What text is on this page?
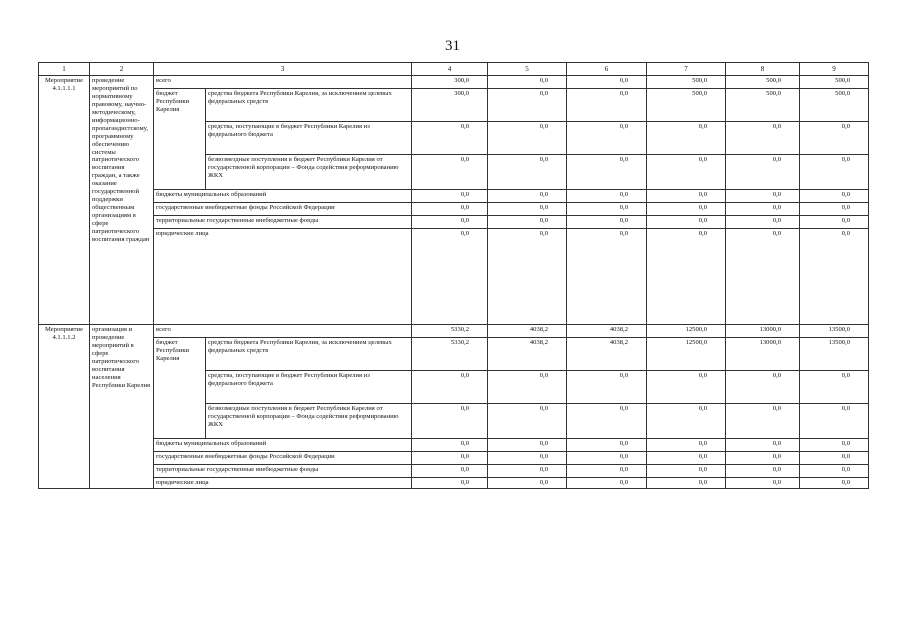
31
1	2	3		4	5	6	7	8	9
Мероприятие 4.1.1.1.1	проведение мероприятий по нормативному правовому, научно-методическому, информационно-пропагандистскому, программному обеспечению системы патриотического воспитания граждан, а также оказание государственной поддержки общественным организациям в сфере патриотического воспитания граждан	всего		300,0	0,0	0,0	500,0	500,0	500,0
		бюджет Республики Карелия	средства бюджета Республики Карелия, за исключением целевых федеральных средств	300,0	0,0	0,0	500,0	500,0	500,0
			средства, поступающие в бюджет Республики Карелия из федерального бюджета	0,0	0,0	0,0	0,0	0,0	0,0
			безвозмездные поступления в бюджет Республики Карелия от государственной корпорации – Фонда содействия реформированию ЖКХ	0,0	0,0	0,0	0,0	0,0	0,0
		бюджеты муниципальных образований		0,0	0,0	0,0	0,0	0,0	0,0
		государственные внебюджетные фонды Российской Федерации		0,0	0,0	0,0	0,0	0,0	0,0
		территориальные государственные внебюджетные фонды		0,0	0,0	0,0	0,0	0,0	0,0
		юридические лица		0,0	0,0	0,0	0,0	0,0	0,0
Мероприятие 4.1.1.1.2	организация и проведение мероприятий в сфере патриотического воспитания населения Республики Карелия	всего		5330,2	4038,2	4038,2	12500,0	13000,0	13500,0
		бюджет Республики Карелия	средства бюджета Республики Карелия, за исключением целевых федеральных средств	5330,2	4038,2	4038,2	12500,0	13000,0	13500,0
			средства, поступающие в бюджет Республики Карелия из федерального бюджета	0,0	0,0	0,0	0,0	0,0	0,0
			безвозмездные поступления в бюджет Республики Карелия от государственной корпорации – Фонда содействия реформированию ЖКХ	0,0	0,0	0,0	0,0	0,0	0,0
		бюджеты муниципальных образований		0,0	0,0	0,0	0,0	0,0	0,0
		государственные внебюджетные фонды Российской Федерации		0,0	0,0	0,0	0,0	0,0	0,0
		территориальные государственные внебюджетные фонды		0,0	0,0	0,0	0,0	0,0	0,0
		юридические лица		0,0	0,0	0,0	0,0	0,0	0,0
